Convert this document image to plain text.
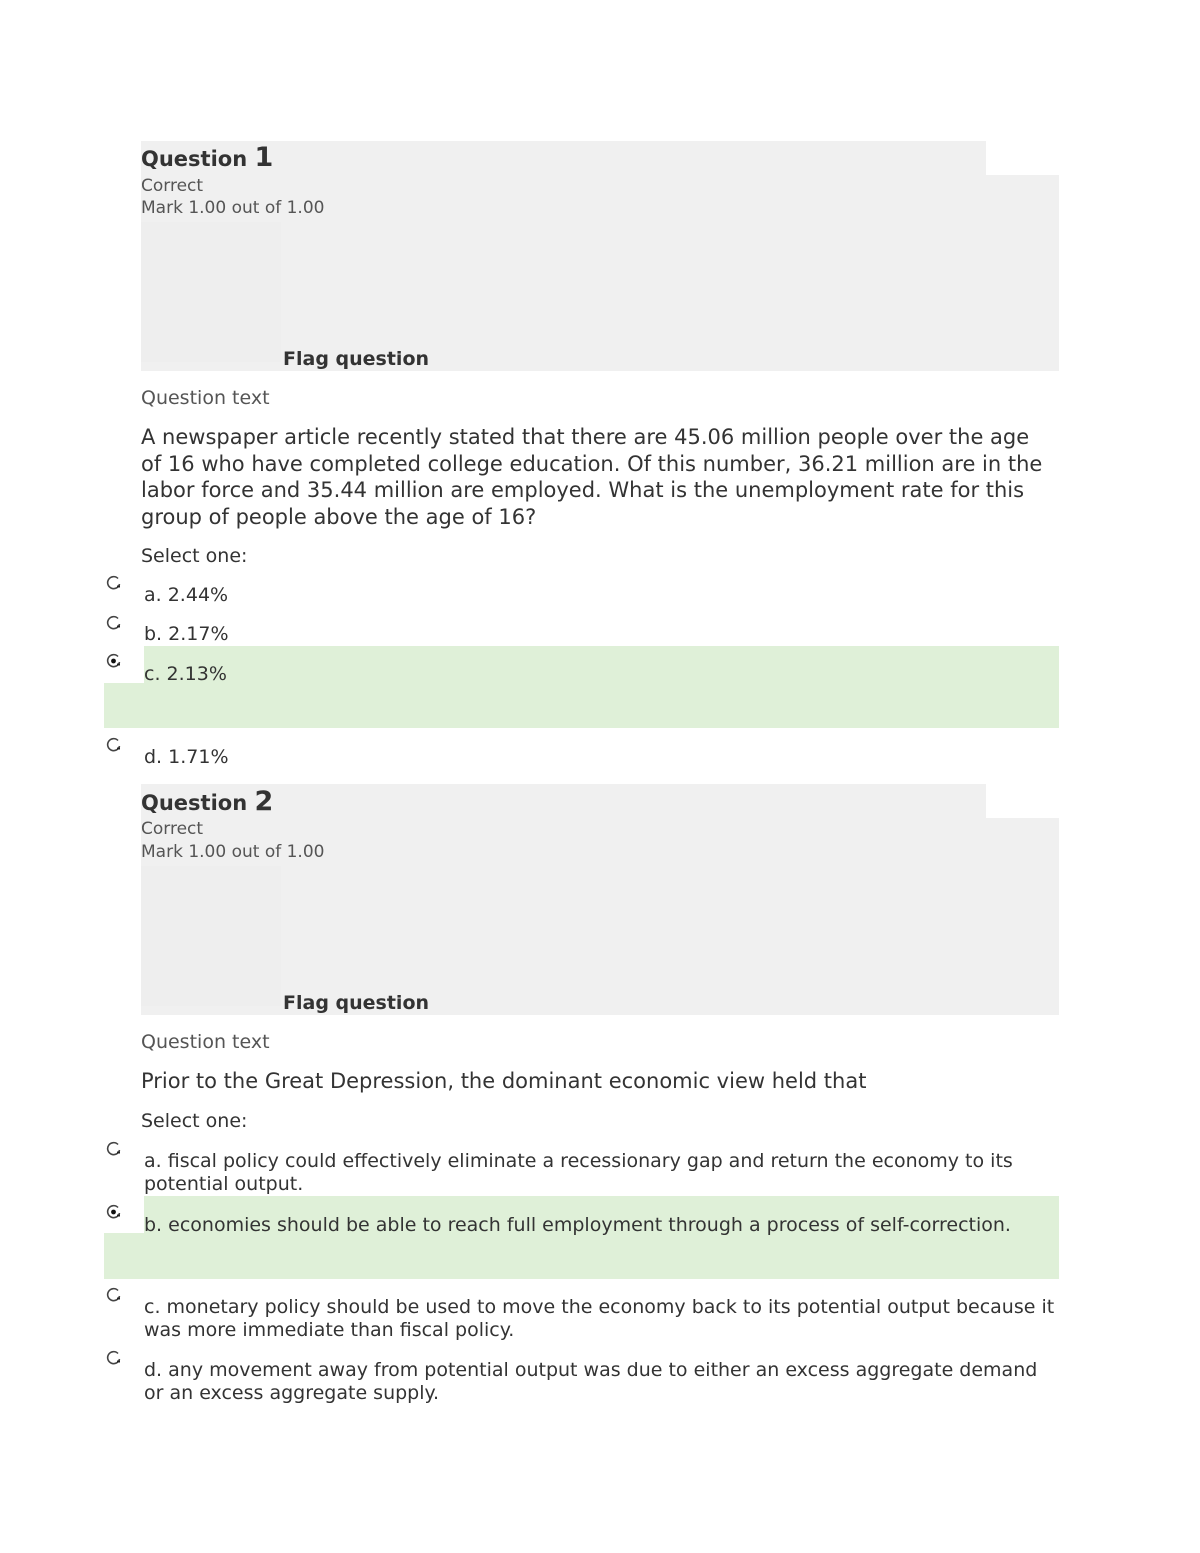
Question 1
Correct
Mark 1.00 out of 1.00
Flag question
Question text
A newspaper article recently stated that there are 45.06 million people over the age of 16 who have completed college education. Of this number, 36.21 million are in the labor force and 35.44 million are employed. What is the unemployment rate for this group of people above the age of 16?
Select one:
a. 2.44%
b. 2.17%
c. 2.13%
d. 1.71%
Question 2
Correct
Mark 1.00 out of 1.00
Flag question
Question text
Prior to the Great Depression, the dominant economic view held that
Select one:
a. fiscal policy could effectively eliminate a recessionary gap and return the economy to its potential output.
b. economies should be able to reach full employment through a process of self-correction.
c. monetary policy should be used to move the economy back to its potential output because it was more immediate than fiscal policy.
d. any movement away from potential output was due to either an excess aggregate demand or an excess aggregate supply.
